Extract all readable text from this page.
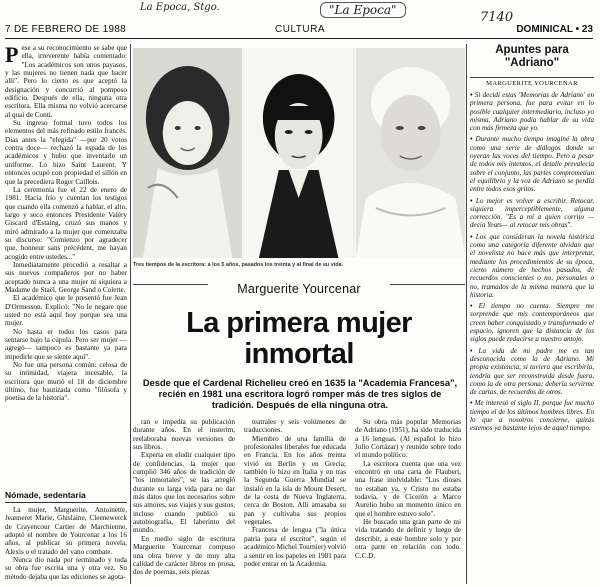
La Epoca, Stgo.	"La Epoca"	7140
7 DE FEBRERO DE 1988	CULTURA	DOMINICAL • 23

Pese a su reconocimiento se sabe que ella, irreverente había comentado: "Los académicos son unos payasos, y las mujeres no tienen nada que hacer allí". Pero lo cierto es que aceptó la designación y concurrió al pomposo edificio. Después de ella, ninguna otra escritora. Ella misma no volvió acercarse al quai de Conti.

Su ingreso formal tuvo todos los elementos del más refinado estilo francés. Dias antes la "elegida" —por 20 votos contra doce— rechazó la espada de los académicos y hubo que inventarle un uniforme. Lo hizo Saint Laurent. Y entonces ocupó con propiedad el sillón en que la precediera Roger Caillois.

La ceremonia fue el 22 de enero de 1981. Hacía frío y cuentan los testigos que cuando ella comenzó a hablar, el alto, largo y seco entonces Presidente Valéry Giscard d'Estaing, cruzó sus manos y miró admirado a la mujer que comenzaba su discurso: "Comienzo por agradecer que, honneur sans précédent, me hayan acogido entre ustedes..."

Inmediatamente procedió a resaltar a sus nuevos compañeros por no haber aceptado nunca a una mujer ni siquiera a Madame de Staël, George Sand o Colette.

El académico que le presentó fue Jean D'Ormesson. Explicó: "No le negare que usted no está aquí hoy porque sea una mujer.

No hasta er todos los casos para sentarse bajo la cúpula. Pero ser mujer —agregó— tampoco es bastante ya para impedirle que se siente aquí".

No fue una persona común: celosa de su intimidad, viajera incesable, la escritora que murió el 18 de diciembre último, fue bautizada como "filósofa y poetisa de la historia".

Nómade, sedentaria

La mujer, Marguerite, Antoinette, Jeanneret Marie, Ghislaine, Cleenewerck de Crayencour Cartier de Marchienne, adoptó el nombre de Yourcenar a los 16 años, al publicar su primera novela, Alexis o el tratado del vano combate.

Nunca dio nada por terminado y toda su obra fue escrita una y otra vez. Su método dejaba que las ediciones se agota-

Tres tiempos de la escritora: a los 5 años, pasados los treinta y al final de su vida.
Marguerite Yourcenar
La primera mujer inmortal
Desde que el Cardenal Richelieu creó en 1635 la "Academia Francesa", recién en 1981 una escritora logró romper más de tres siglos de tradición. Después de ella ninguna otra.

ran e impedía su publicación durante años. En el insterim, reelaboraba nuevas versiones de sus libros.

Experta en eludir cualquier tipo de confidencias, la mujer que cumplió 346 años de tradición de "los inmortales", se las arregló durante su larga vida para no dar más datos que los necesarios sobre sus amores, sus viajes y sus gustos, incluso cuando publicó su autobiografía, El laberinto del mundo.

En medio siglo de escritura Marguerite Yourcenar compuso una obra breve y de muy alta calidad de carácter libros en prosa, dos de poemas, seis piezas

teatrales y seis volúmenes de traducciones.

Miembro de una familia de profesionales liberales fue educada en Francia. En los años treinta vivió en Berlín y en Grecia; también lo hizo en Italia y en tras la Segunda Guerra Mundial se instaló en la isla de Mount Desert, de la costa de Nueva Inglaterra, cerca de Boston. Allí amasaba su pan y cultivaba sus propios vegetales.

Francesa de lengua ("la única patria para el escritor", según el académico Michel Tournier) volvió a sentir en los papeles en 1981 para poder entrar en la Academia.

Su obra más popular Memorias de Adriano (1951), ha sido traducida a 16 lenguas. (Al español lo hizo Julio Cortázar) y reunido sobre todo el mundo político.

La escritora cuenta que una vez encontró en una carta de Flaubert, una frase inolvidable: "Los dioses no estaban ya, y Cristo no estaba todavía, y de Cicerón a Marco Aurelio hubo un momento único en que el hombre estuvo solo".

He buscado una gran parte de mi vida tratando de definir y luego de describir, a este hombre solo y por otra parte en relación con todo. C.C.D.

Apuntes para "Adriano"
MARGUERITE YOURCENAR

• Si decidí estas 'Memorias de Adriano' en primera persona, fue para evitar en lo posible cualquier intermediario, incluso yo misma. Adriano podía hablar de su vida con más firmeza que yo.

• Durante mucho tiempo imaginé la obra como una serie de diálogos donde se oyeran las voces del tiempo. Pero a pesar de todos mis intentos, el detalle prevalecía sobre el conjunto, las partes comprometían el equilibrio y la voz de Adriano se perdía entre todos esos gritos.

• Lo mejor es volver a escribir. Retocar, siquiera imperceptiblemente, alguna corrección. "Es a mí a quien corrijo —decía Yeats— al retocar mis obras".

• Los que consideran la novela histórica como una categoría diferente olvidan que el novelista no hace más que interpretar, mediante los procedimientos de su época, cierto número de hechos pasados, de recuerdos conscientes o no, personales o no, tramados de la misma manera que la historia.

• El tiempo no cuenta. Siempre me sorprende que mis contemporáneos que creen haber conquistado y transformado el espacio, ignoren que la distancia de los siglos puede reducirse a nuestro antojo.

• La vida de mi padre me es tan desconocida como la de Adriano. Mi propia existencia, si tuviera que escribirla, tendría que ser reconstruida desde fuera, como la de otra persona; debería servirme de cartas, de recuerdos de otros.

• Me interesó el siglo II, porque fue mucho tiempo el de los últimos hombres libres. En lo que a nosotros concierne, quizás estemos ya bastante lejos de aquel tiempo.
